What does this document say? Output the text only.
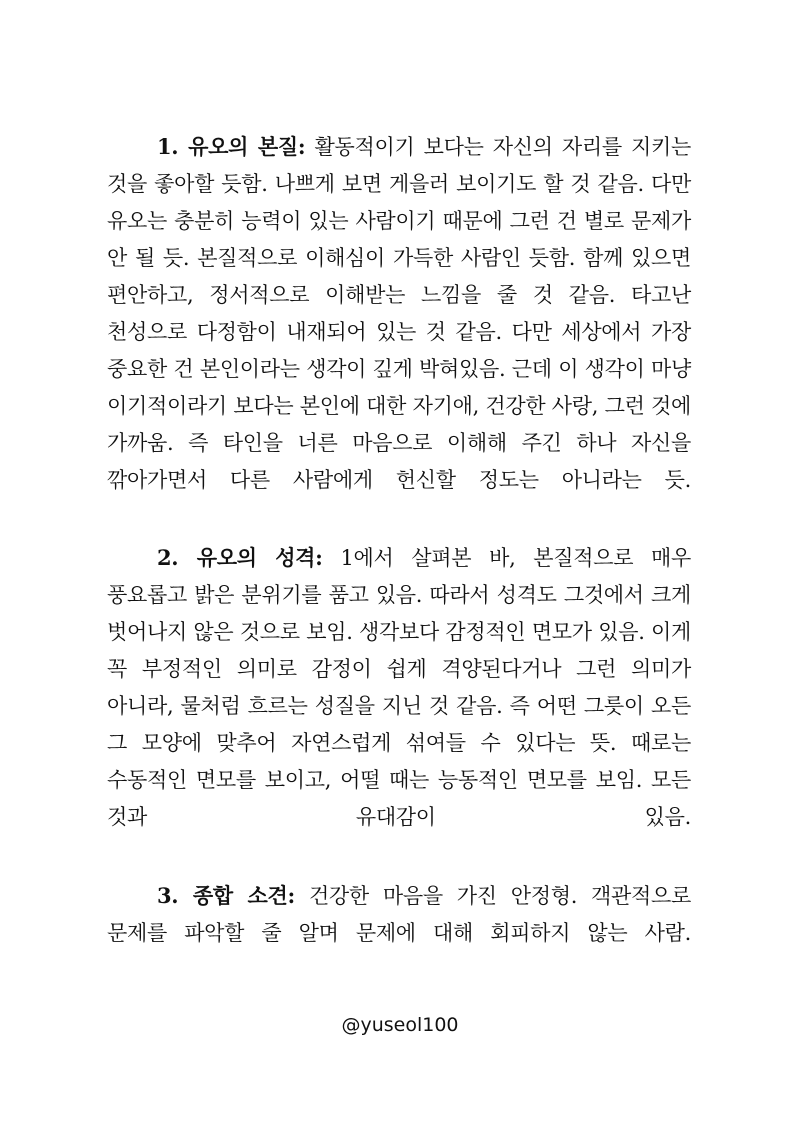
1. 유오의 본질: 활동적이기 보다는 자신의 자리를 지키는 것을 좋아할 듯함. 나쁘게 보면 게을러 보이기도 할 것 같음. 다만 유오는 충분히 능력이 있는 사람이기 때문에 그런 건 별로 문제가 안 될 듯. 본질적으로 이해심이 가득한 사람인 듯함. 함께 있으면 편안하고, 정서적으로 이해받는 느낌을 줄 것 같음. 타고난 천성으로 다정함이 내재되어 있는 것 같음. 다만 세상에서 가장 중요한 건 본인이라는 생각이 깊게 박혀있음. 근데 이 생각이 마냥 이기적이라기 보다는 본인에 대한 자기애, 건강한 사랑, 그런 것에 가까움. 즉 타인을 너른 마음으로 이해해 주긴 하나 자신을 깎아가면서 다른 사람에게 헌신할 정도는 아니라는 듯.

2. 유오의 성격: 1에서 살펴본 바, 본질적으로 매우 풍요롭고 밝은 분위기를 품고 있음. 따라서 성격도 그것에서 크게 벗어나지 않은 것으로 보임. 생각보다 감정적인 면모가 있음. 이게 꼭 부정적인 의미로 감정이 쉽게 격양된다거나 그런 의미가 아니라, 물처럼 흐르는 성질을 지닌 것 같음. 즉 어떤 그릇이 오든 그 모양에 맞추어 자연스럽게 섞여들 수 있다는 뜻. 때로는 수동적인 면모를 보이고, 어떨 때는 능동적인 면모를 보임. 모든 것과 유대감이 있음.

3. 종합 소견: 건강한 마음을 가진 안정형. 객관적으로 문제를 파악할 줄 알며 문제에 대해 회피하지 않는 사람.

@yuseol100
